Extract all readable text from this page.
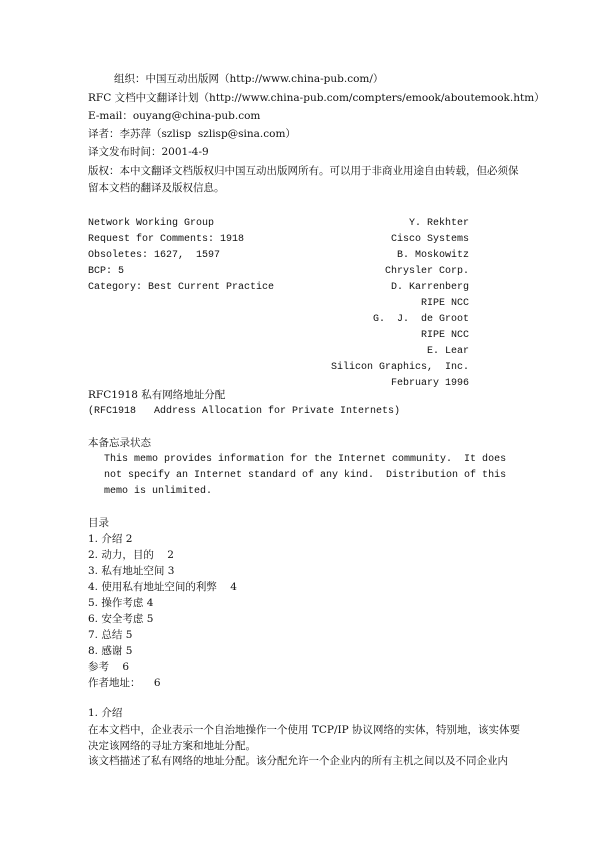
组织：中国互动出版网（http://www.china-pub.com/）
RFC 文档中文翻译计划（http://www.china-pub.com/compters/emook/aboutemook.htm）
E-mail：ouyang@china-pub.com
译者：李苏萍（szlisp  szlisp@sina.com）
译文发布时间：2001-4-9
版权：本中文翻译文档版权归中国互动出版网所有。可以用于非商业用途自由转载，但必须保留本文档的翻译及版权信息。
Network Working Group
Request for Comments: 1918
Obsoletes: 1627,  1597
BCP: 5
Category: Best Current Practice
Y. Rekhter
Cisco Systems
B. Moskowitz
Chrysler Corp.
D. Karrenberg
RIPE NCC
G.  J.  de Groot
RIPE NCC
E. Lear
Silicon Graphics,  Inc.
February 1996
RFC1918 私有网络地址分配
(RFC1918   Address Allocation for Private Internets)
本备忘录状态
This memo provides information for the Internet community.  It does
not specify an Internet standard of any kind.  Distribution of this
memo is unlimited.
目录
1. 介绍 2
2. 动力，目的    2
3. 私有地址空间 3
4. 使用私有地址空间的利弊    4
5. 操作考虑 4
6. 安全考虑 5
7. 总结 5
8. 感谢 5
参考    6
作者地址：    6
1. 介绍
在本文档中，企业表示一个自治地操作一个使用 TCP/IP 协议网络的实体，特别地，该实体要决定该网络的寻址方案和地址分配。
该文档描述了私有网络的地址分配。该分配允许一个企业内的所有主机之间以及不同企业内
